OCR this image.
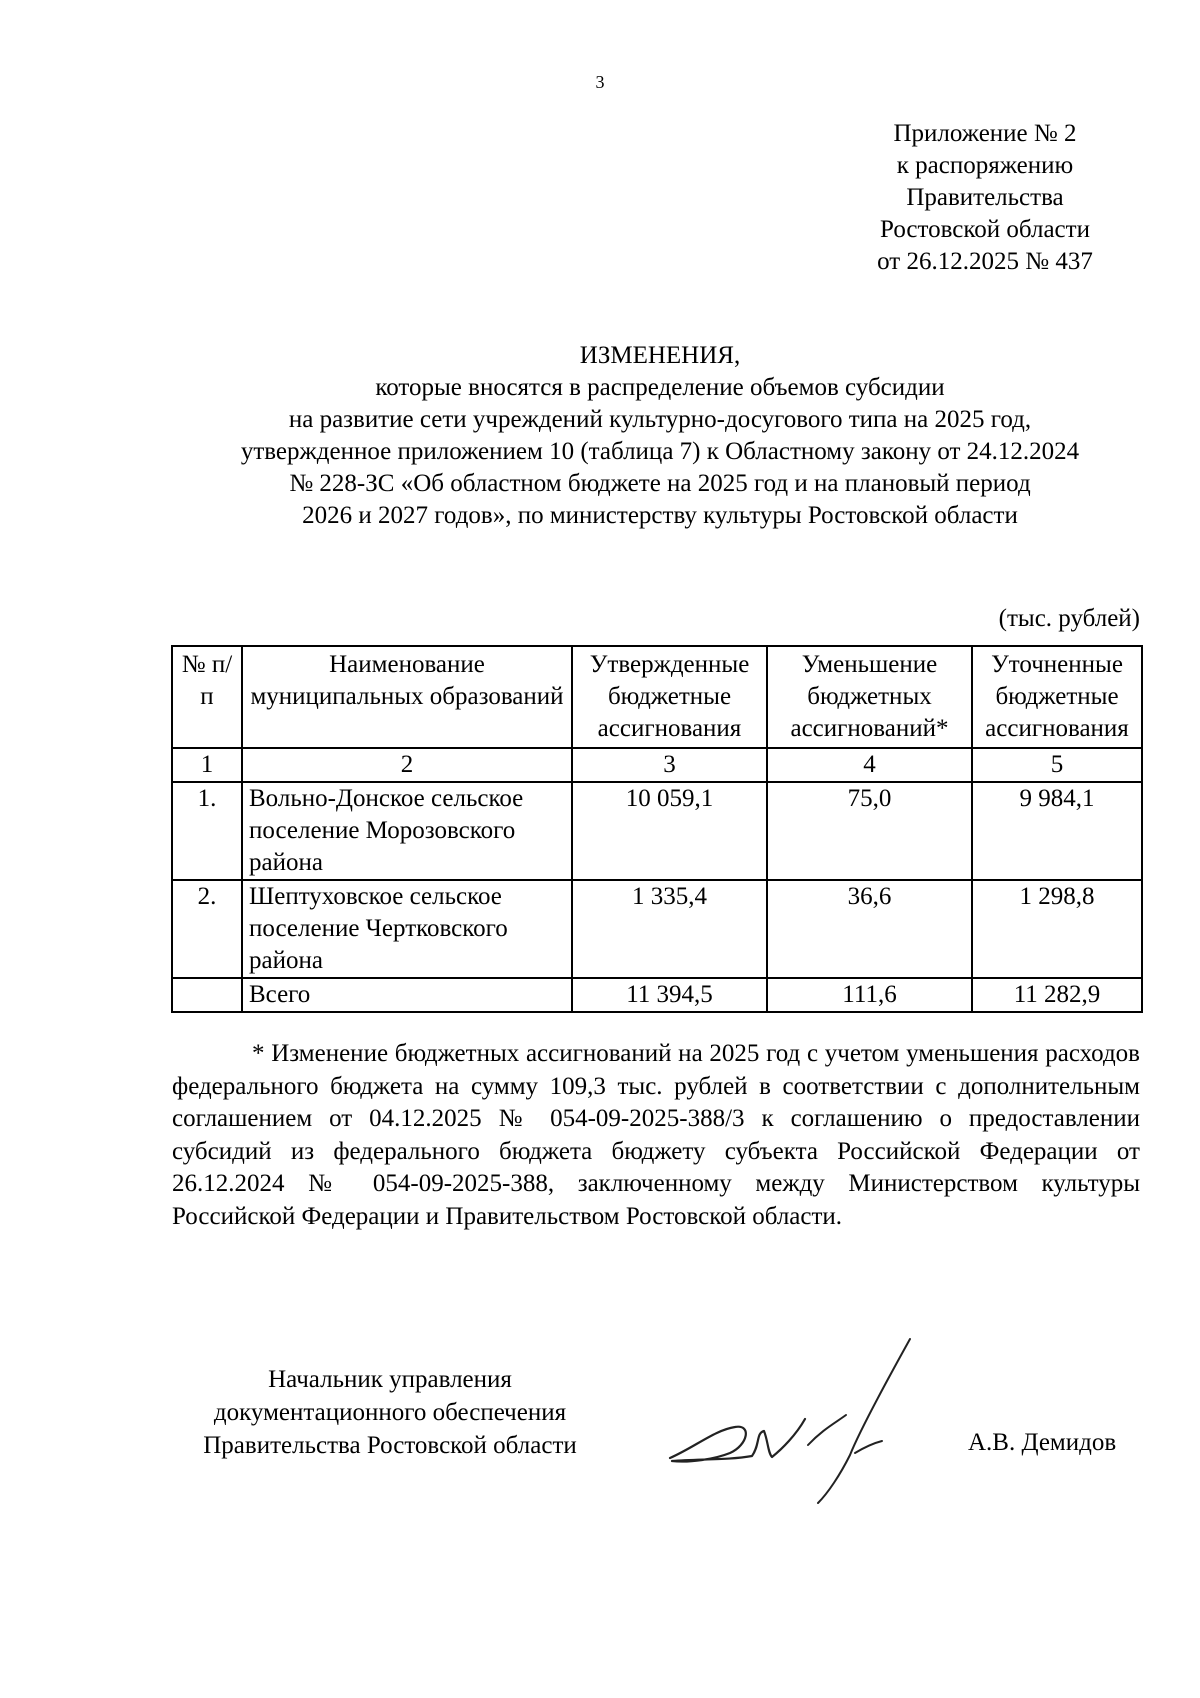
3
Приложение № 2
к распоряжению
Правительства
Ростовской области
от 26.12.2025 № 437
ИЗМЕНЕНИЯ,
которые вносятся в распределение объемов субсидии
на развитие сети учреждений культурно-досугового типа на 2025 год,
утвержденное приложением 10 (таблица 7) к Областному закону от 24.12.2024
№ 228-ЗС «Об областном бюджете на 2025 год и на плановый период
2026 и 2027 годов», по министерству культуры Ростовской области
(тыс. рублей)
№ п/п	Наименование муниципальных образований	Утвержденные бюджетные ассигнования	Уменьшение бюджетных ассигнований*	Уточненные бюджетные ассигнования
1	2	3	4	5
1.	Вольно-Донское сельское поселение Морозовского района	10 059,1	75,0	9 984,1
2.	Шептуховское сельское поселение Чертковского района	1 335,4	36,6	1 298,8
	Всего	11 394,5	111,6	11 282,9
* Изменение бюджетных ассигнований на 2025 год с учетом уменьшения расходов федерального бюджета на сумму 109,3 тыс. рублей в соответствии с дополнительным соглашением от 04.12.2025 № 054-09-2025-388/3 к соглашению о предоставлении субсидий из федерального бюджета бюджету субъекта Российской Федерации от 26.12.2024 № 054-09-2025-388, заключенному между Министерством культуры Российской Федерации и Правительством Ростовской области.
Начальник управления
документационного обеспечения
Правительства Ростовской области	А.В. Демидов
